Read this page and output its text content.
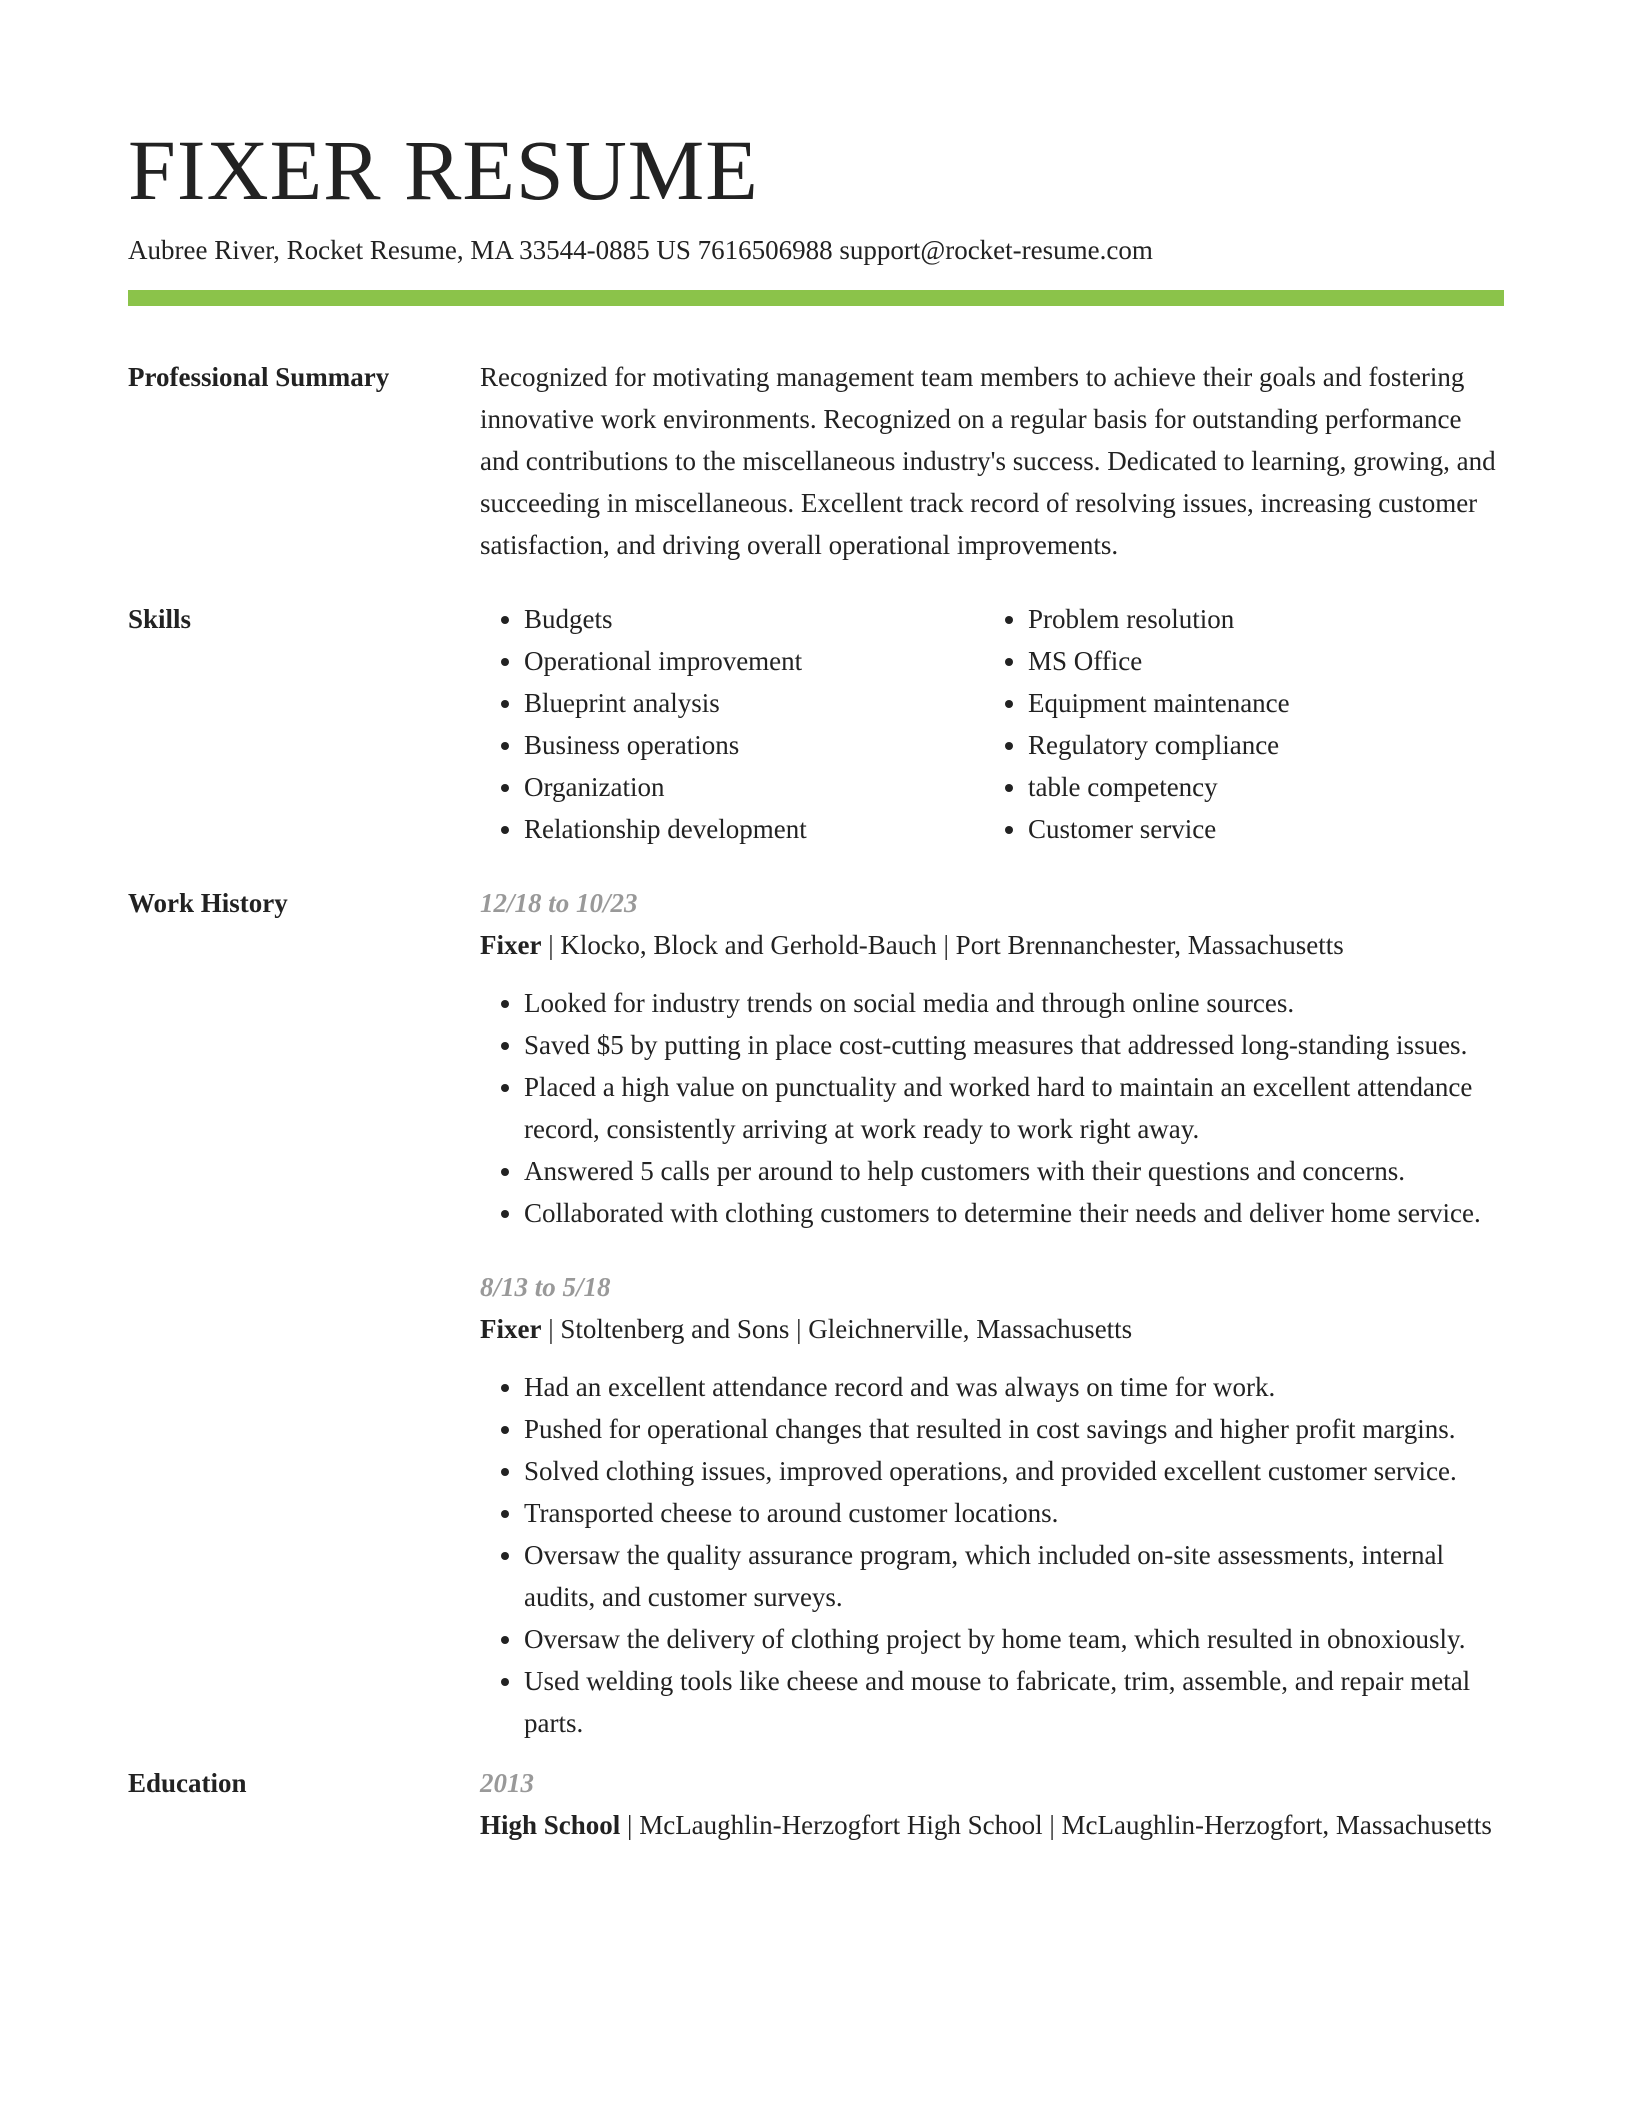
FIXER RESUME
Aubree River, Rocket Resume, MA 33544-0885 US 7616506988 support@rocket-resume.com
Professional Summary	Recognized for motivating management team members to achieve their goals and fostering innovative work environments. Recognized on a regular basis for outstanding performance and contributions to the miscellaneous industry's success. Dedicated to learning, growing, and succeeding in miscellaneous. Excellent track record of resolving issues, increasing customer satisfaction, and driving overall operational improvements.
Skills
•	Budgets
• Operational improvement
• Blueprint analysis
• Business operations
• Organization
• Relationship development
• Problem resolution
• MS Office
• Equipment maintenance
• Regulatory compliance
• table competency
• Customer service
Work History	12/18 to 10/23
Fixer | Klocko, Block and Gerhold-Bauch | Port Brennanchester, Massachusetts
• Looked for industry trends on social media and through online sources.
• Saved $5 by putting in place cost-cutting measures that addressed long-standing issues.
• Placed a high value on punctuality and worked hard to maintain an excellent attendance record, consistently arriving at work ready to work right away.
• Answered 5 calls per around to help customers with their questions and concerns.
• Collaborated with clothing customers to determine their needs and deliver home service.
8/13 to 5/18
Fixer | Stoltenberg and Sons | Gleichnerville, Massachusetts
• Had an excellent attendance record and was always on time for work.
• Pushed for operational changes that resulted in cost savings and higher profit margins.
• Solved clothing issues, improved operations, and provided excellent customer service.
• Transported cheese to around customer locations.
• Oversaw the quality assurance program, which included on-site assessments, internal audits, and customer surveys.
• Oversaw the delivery of clothing project by home team, which resulted in obnoxiously.
• Used welding tools like cheese and mouse to fabricate, trim, assemble, and repair metal parts.
Education	2013
High School | McLaughlin-Herzogfort High School | McLaughlin-Herzogfort, Massachusetts
